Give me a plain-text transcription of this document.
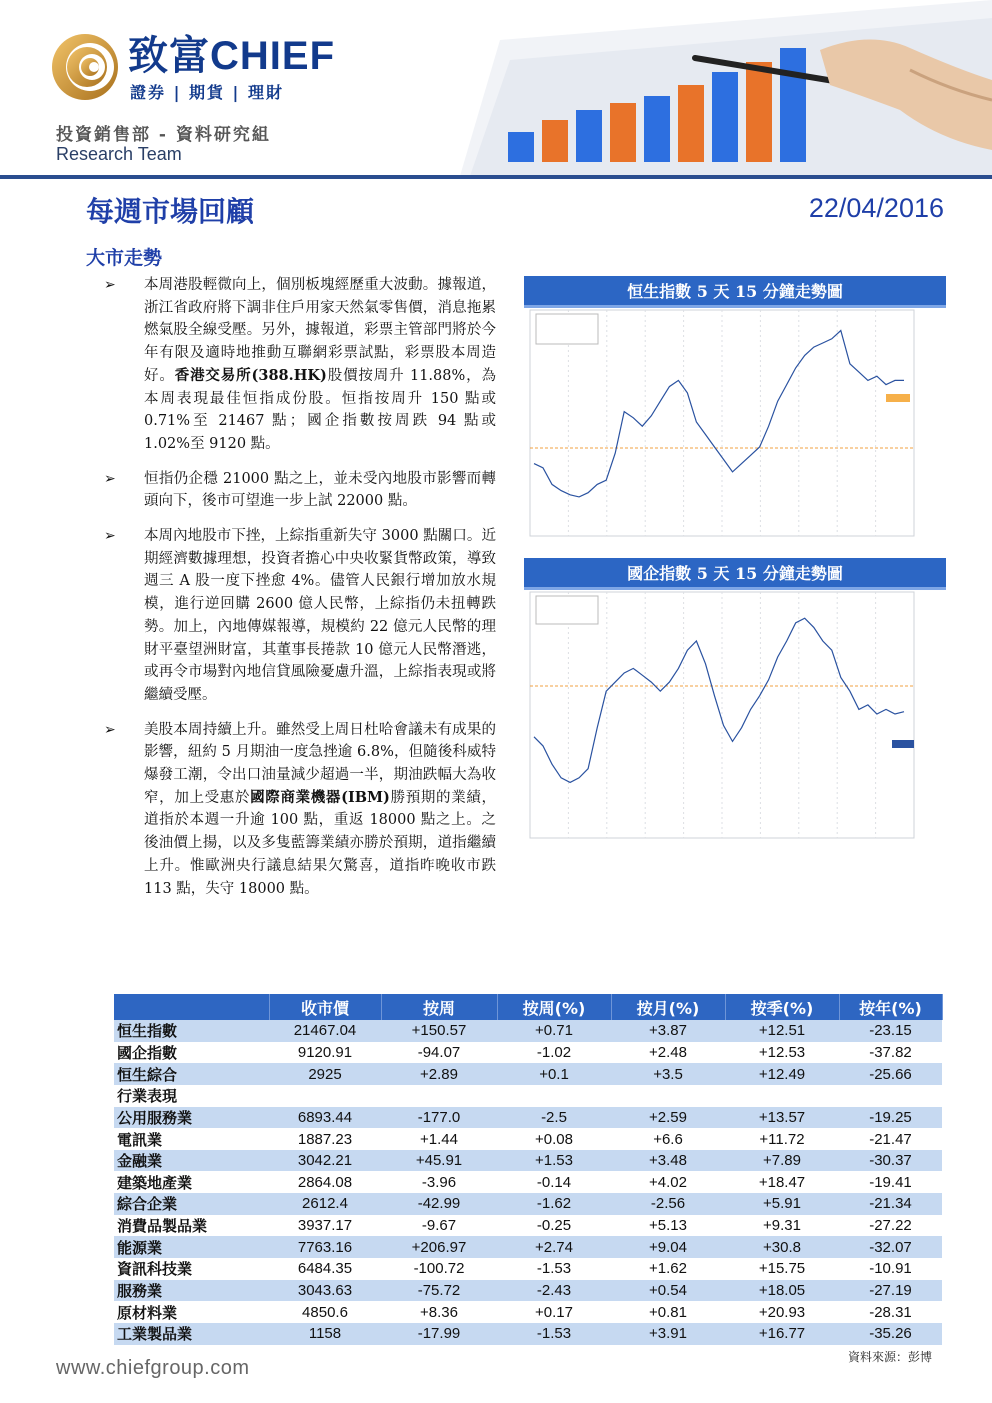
致富CHIEF
證券 | 期貨 | 理財
投資銷售部 - 資料研究組
Research Team
每週市場回顧	22/04/2016
大市走勢
➢ 本周港股輕微向上，個別板塊經歷重大波動。據報道，浙江省政府將下調非住戶用家天然氣零售價，消息拖累燃氣股全線受壓。另外，據報道，彩票主管部門將於今年有限及適時地推動互聯網彩票試點，彩票股本周造好。香港交易所(388.HK)股價按周升 11.88%，為本周表現最佳恒指成份股。恒指按周升 150 點或 0.71%至 21467 點；國企指數按周跌 94 點或 1.02%至 9120 點。
➢ 恒指仍企穩 21000 點之上，並未受內地股市影響而轉頭向下，後市可望進一步上試 22000 點。
➢ 本周內地股市下挫，上綜指重新失守 3000 點關口。近期經濟數據理想，投資者擔心中央收緊貨幣政策，導致週三 A 股一度下挫愈 4%。儘管人民銀行增加放水規模，進行逆回購 2600 億人民幣，上綜指仍未扭轉跌勢。加上，內地傳媒報導，規模約 22 億元人民幣的理財平臺望洲財富，其董事長捲款 10 億元人民幣潛逃，或再令市場對內地信貸風險憂慮升溫，上綜指表現或將繼續受壓。
➢ 美股本周持續上升。雖然受上周日杜哈會議未有成果的影響，紐約 5 月期油一度急挫逾 6.8%，但隨後科威特爆發工潮，令出口油量減少超過一半，期油跌幅大為收窄，加上受惠於國際商業機器(IBM)勝預期的業績，道指於本週一升逾 100 點，重返 18000 點之上。之後油價上揚，以及多隻藍籌業績亦勝於預期，道指繼續上升。惟歐洲央行議息結果欠驚喜，道指昨晚收市跌 113 點，失守 18000 點。
恒生指數 5 天 15 分鐘走勢圖
國企指數 5 天 15 分鐘走勢圖
	收市價	按周	按周(%)	按月(%)	按季(%)	按年(%)
恒生指數	21467.04	+150.57	+0.71	+3.87	+12.51	-23.15
國企指數	9120.91	-94.07	-1.02	+2.48	+12.53	-37.82
恒生綜合	2925	+2.89	+0.1	+3.5	+12.49	-25.66
行業表現						
公用服務業	6893.44	-177.0	-2.5	+2.59	+13.57	-19.25
電訊業	1887.23	+1.44	+0.08	+6.6	+11.72	-21.47
金融業	3042.21	+45.91	+1.53	+3.48	+7.89	-30.37
建築地產業	2864.08	-3.96	-0.14	+4.02	+18.47	-19.41
綜合企業	2612.4	-42.99	-1.62	-2.56	+5.91	-21.34
消費品製品業	3937.17	-9.67	-0.25	+5.13	+9.31	-27.22
能源業	7763.16	+206.97	+2.74	+9.04	+30.8	-32.07
資訊科技業	6484.35	-100.72	-1.53	+1.62	+15.75	-10.91
服務業	3043.63	-75.72	-2.43	+0.54	+18.05	-27.19
原材料業	4850.6	+8.36	+0.17	+0.81	+20.93	-28.31
工業製品業	1158	-17.99	-1.53	+3.91	+16.77	-35.26
資料來源：彭博
www.chiefgroup.com
